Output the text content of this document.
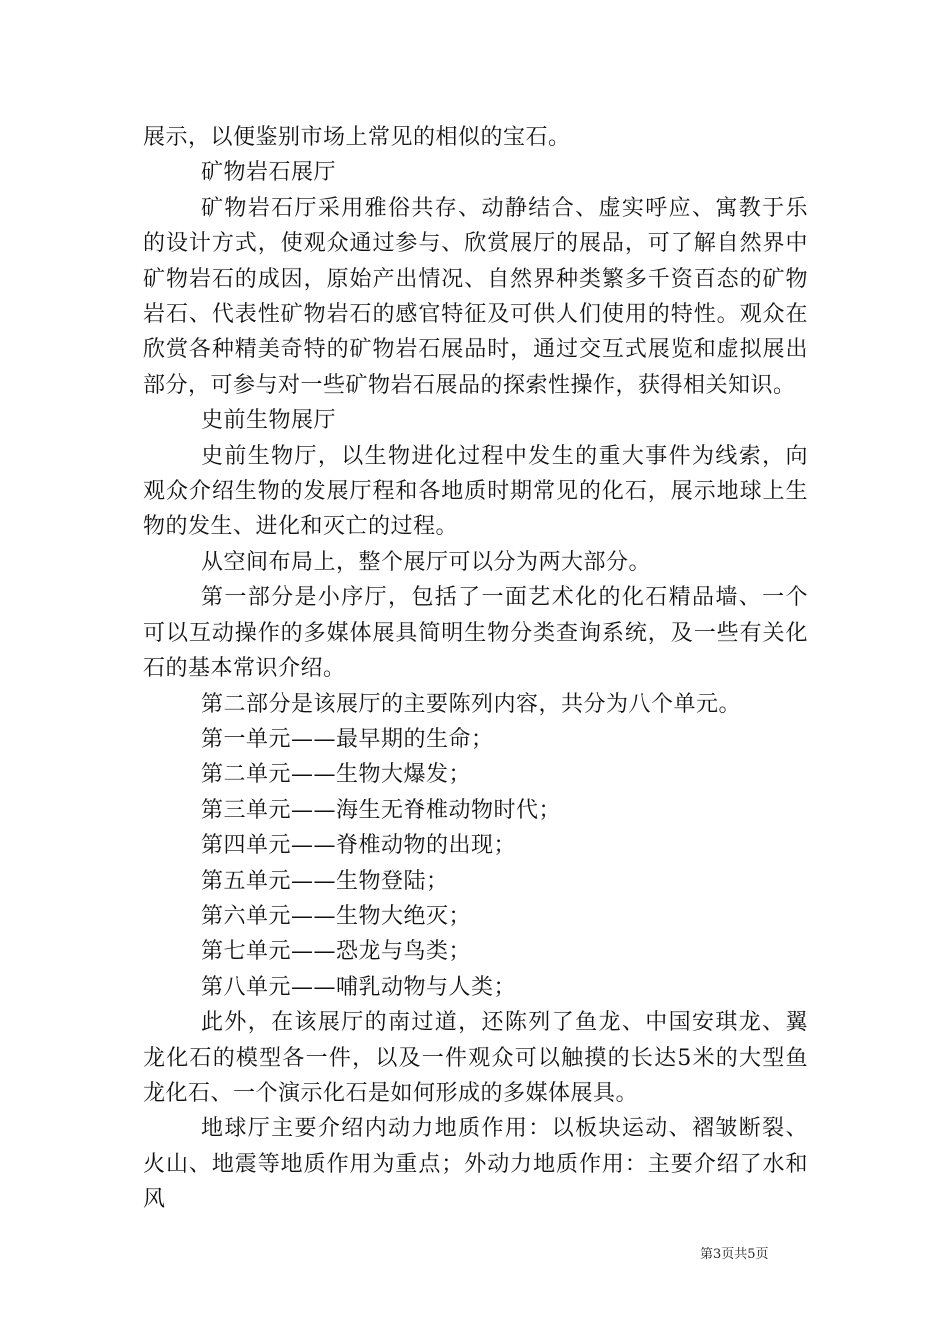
展示，以便鉴别市场上常见的相似的宝石。

矿物岩石展厅

矿物岩石厅采用雅俗共存、动静结合、虚实呼应、寓教于乐的设计方式，使观众通过参与、欣赏展厅的展品，可了解自然界中矿物岩石的成因，原始产出情况、自然界种类繁多千资百态的矿物岩石、代表性矿物岩石的感官特征及可供人们使用的特性。观众在欣赏各种精美奇特的矿物岩石展品时，通过交互式展览和虚拟展出部分，可参与对一些矿物岩石展品的探索性操作，获得相关知识。

史前生物展厅

史前生物厅，以生物进化过程中发生的重大事件为线索，向观众介绍生物的发展厅程和各地质时期常见的化石，展示地球上生物的发生、进化和灭亡的过程。

从空间布局上，整个展厅可以分为两大部分。

第一部分是小序厅，包括了一面艺术化的化石精品墙、一个可以互动操作的多媒体展具简明生物分类查询系统，及一些有关化石的基本常识介绍。

第二部分是该展厅的主要陈列内容，共分为八个单元。

第一单元——最早期的生命；

第二单元——生物大爆发；

第三单元——海生无脊椎动物时代；

第四单元——脊椎动物的出现；

第五单元——生物登陆；

第六单元——生物大绝灭；

第七单元——恐龙与鸟类；

第八单元——哺乳动物与人类；

此外，在该展厅的南过道，还陈列了鱼龙、中国安琪龙、翼龙化石的模型各一件，以及一件观众可以触摸的长达5米的大型鱼龙化石、一个演示化石是如何形成的多媒体展具。

地球厅主要介绍内动力地质作用：以板块运动、褶皱断裂、火山、地震等地质作用为重点；外动力地质作用：主要介绍了水和风

第3页共5页
